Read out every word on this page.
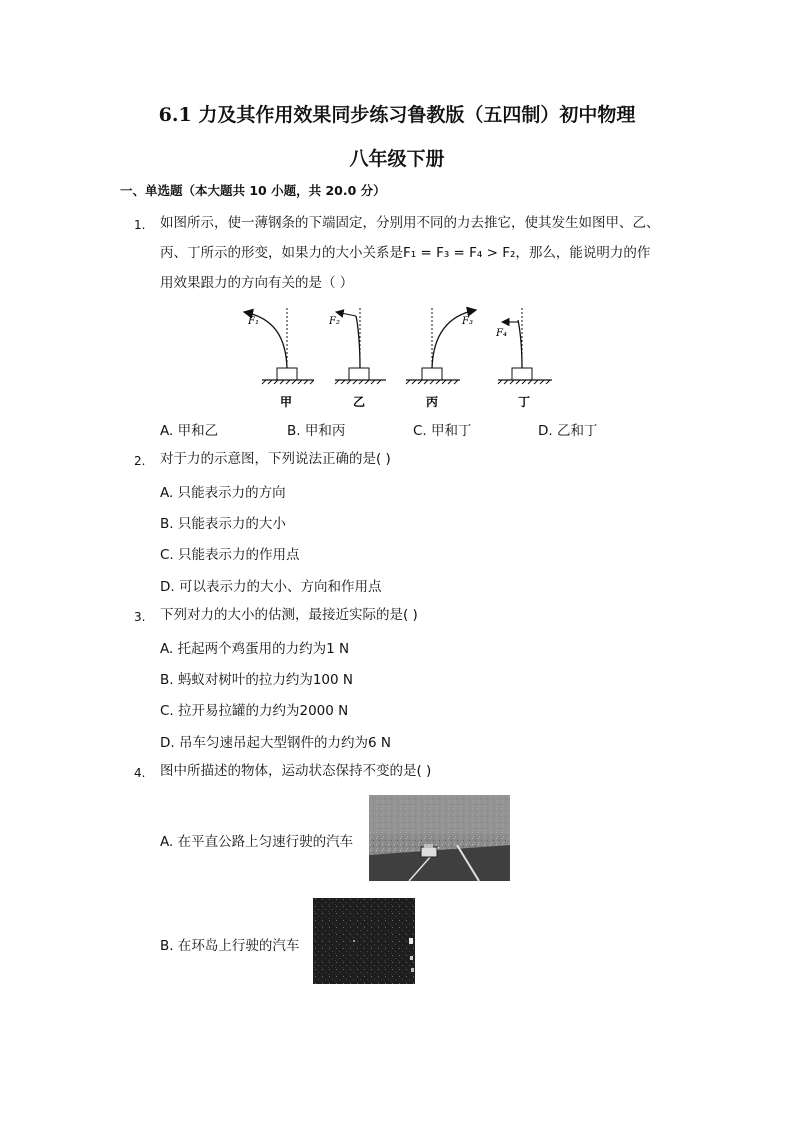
6.1 力及其作用效果同步练习鲁教版（五四制）初中物理
八年级下册
一、单选题（本大题共 10 小题，共 20.0 分）
1. 如图所示，使一薄钢条的下端固定，分别用不同的力去推它，使其发生如图甲、乙、
丙、丁所示的形变，如果力的大小关系是F₁ = F₃ = F₄ > F₂，那么，能说明力的作
用效果跟力的方向有关的是（ ）
F₁
甲
F₂
乙
F₃
丙
F₄
丁
A. 甲和乙	B. 甲和丙	C. 甲和丁	D. 乙和丁
2. 对于力的示意图，下列说法正确的是( )
A. 只能表示力的方向
B. 只能表示力的大小
C. 只能表示力的作用点
D. 可以表示力的大小、方向和作用点
3. 下列对力的大小的估测，最接近实际的是( )
A. 托起两个鸡蛋用的力约为1 N
B. 蚂蚁对树叶的拉力约为100 N
C. 拉开易拉罐的力约为2000 N
D. 吊车匀速吊起大型钢件的力约为6 N
4. 图中所描述的物体，运动状态保持不变的是( )
A. 在平直公路上匀速行驶的汽车
B. 在环岛上行驶的汽车
